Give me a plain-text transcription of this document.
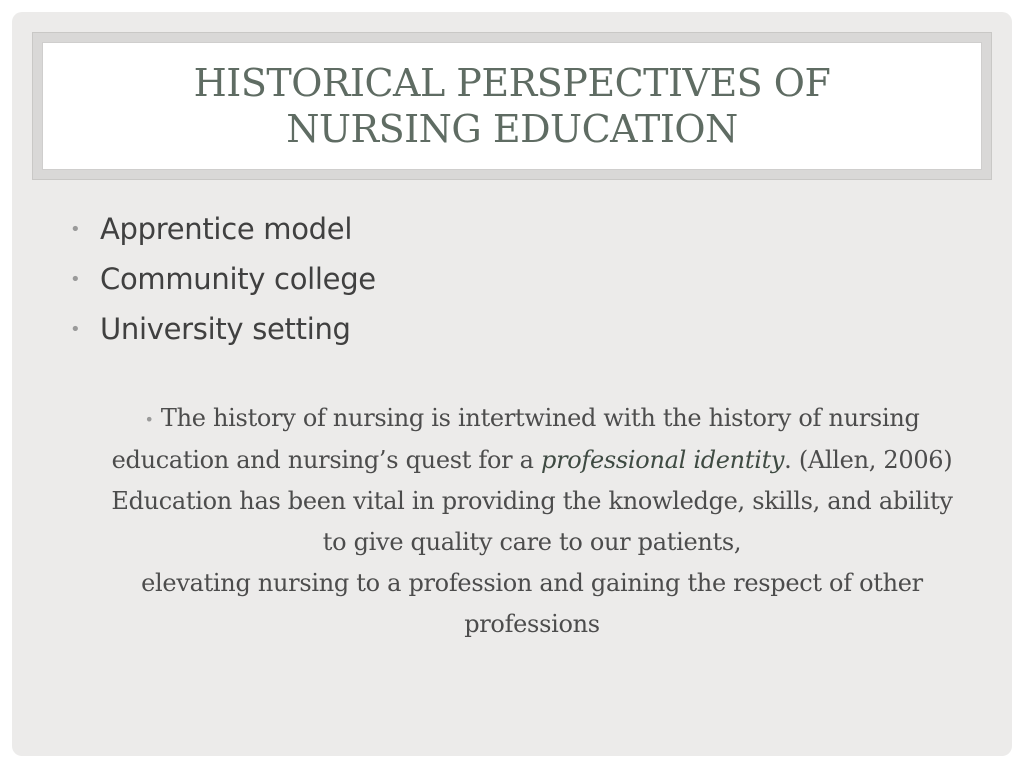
HISTORICAL PERSPECTIVES OF
NURSING EDUCATION
• Apprentice model
• Community college
• University setting

• The history of nursing is intertwined with the history of nursing education and nursing’s quest for a professional identity. (Allen, 2006) Education has been vital in providing the knowledge, skills, and ability to give quality care to our patients,
elevating nursing to a profession and gaining the respect of other professions
